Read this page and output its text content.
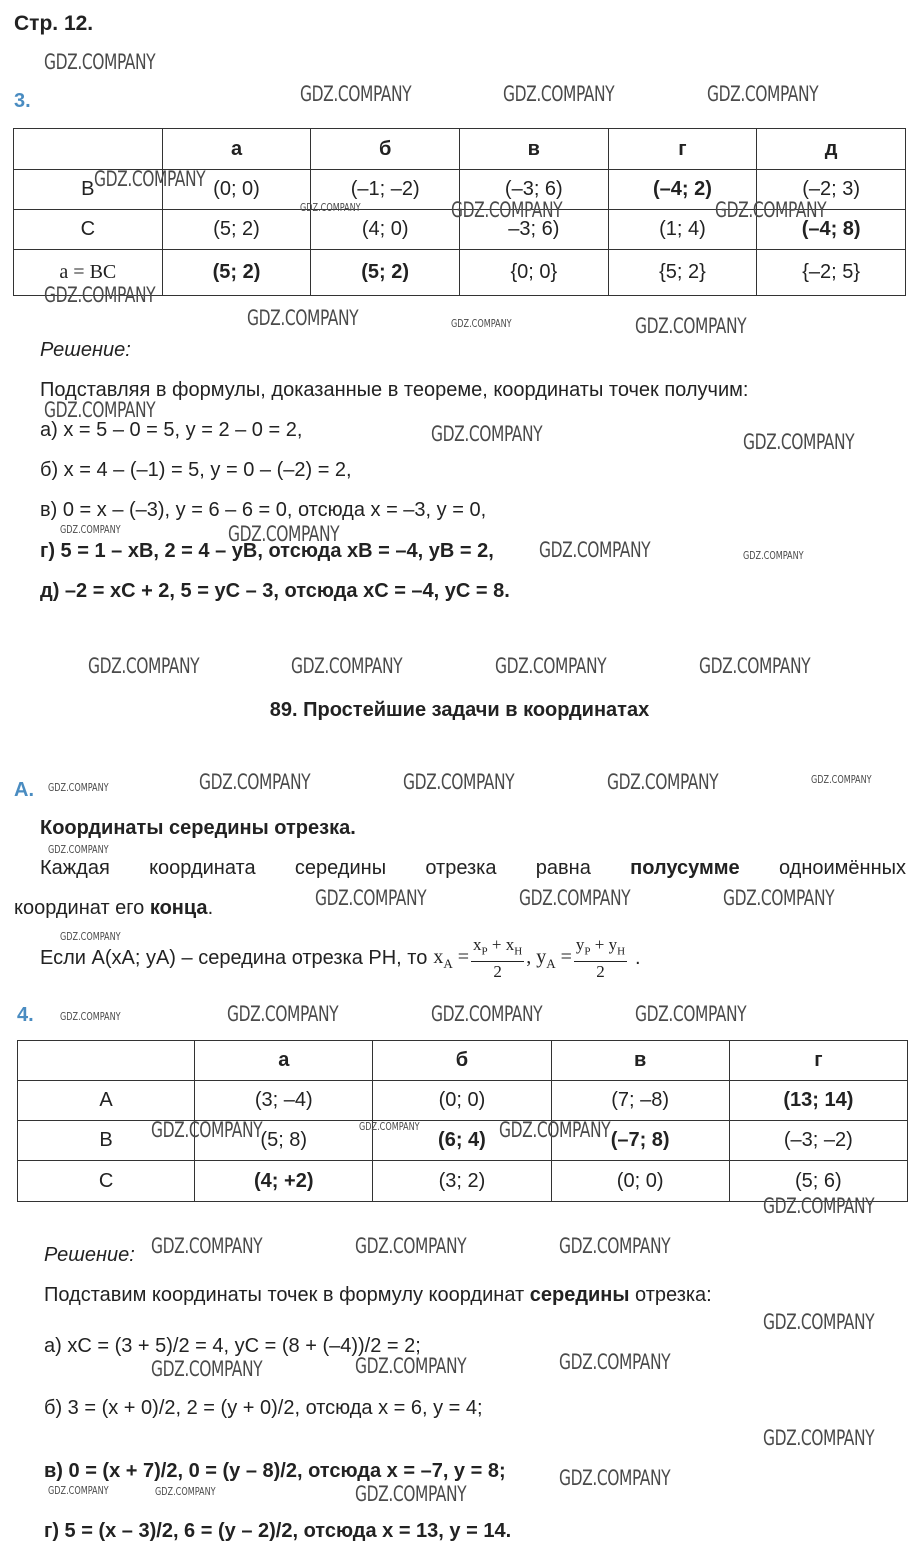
Стр. 12.
3.
	а	б	в	г	д
B	(0; 0)	(–1; –2)	(–3; 6)	(–4; 2)	(–2; 3)
C	(5; 2)	(4; 0)	–3; 6)	(1; 4)	(–4; 8)
a = BC	(5; 2)	(5; 2)	{0; 0}	{5; 2}	{–2; 5}
Решение:
Подставляя в формулы, доказанные в теореме, координаты точек получим:
а) x = 5 – 0 = 5, y = 2 – 0 = 2,
б) x = 4 – (–1) = 5, y = 0 – (–2) = 2,
в) 0 = x – (–3), y = 6 – 6 = 0, отсюда x = –3, y = 0,
г) 5 = 1 – xB, 2 = 4 – yB, отсюда xB = –4, yB = 2,
д) –2 = xC + 2, 5 = yC – 3, отсюда xC = –4, yC = 8.
89. Простейшие задачи в координатах
А.
Координаты середины отрезка.
Каждая координата середины отрезка равна полусумме одноимённых
координат его конца.
Если A(xA; yA) – середина отрезка PH, то $x_A = \frac{x_P + x_H}{2}$ , $y_A = \frac{y_P + y_H}{2}$ .
4.
	а	б	в	г
A	(3; –4)	(0; 0)	(7; –8)	(13; 14)
B	(5; 8)	(6; 4)	(–7; 8)	(–3; –2)
C	(4; +2)	(3; 2)	(0; 0)	(5; 6)
Решение:
Подставим координаты точек в формулу координат середины отрезка:
а) xC = (3 + 5)/2 = 4, yC = (8 + (–4))/2 = 2;
б) 3 = (x + 0)/2, 2 = (y + 0)/2, отсюда x = 6, y = 4;
в) 0 = (x + 7)/2, 0 = (y – 8)/2, отсюда x = –7, y = 8;
г) 5 = (x – 3)/2, 6 = (y – 2)/2, отсюда x = 13, y = 14.
GDZ.COMPANY
GDZ.COMPANY	GDZ.COMPANY	GDZ.COMPANY
GDZ.COMPANY
GDZ.COMPANY	GDZ.COMPANY	GDZ.COMPANY
GDZ.COMPANY
GDZ.COMPANY	GDZ.COMPANY	GDZ.COMPANY
GDZ.COMPANY
GDZ.COMPANY	GDZ.COMPANY
GDZ.COMPANY	GDZ.COMPANY
GDZ.COMPANY	GDZ.COMPANY
GDZ.COMPANY	GDZ.COMPANY	GDZ.COMPANY	GDZ.COMPANY
GDZ.COMPANY	GDZ.COMPANY	GDZ.COMPANY	GDZ.COMPANY	GDZ.COMPANY
GDZ.COMPANY
GDZ.COMPANY	GDZ.COMPANY	GDZ.COMPANY
GDZ.COMPANY
GDZ.COMPANY	GDZ.COMPANY	GDZ.COMPANY	GDZ.COMPANY
GDZ.COMPANY	GDZ.COMPANY	GDZ.COMPANY
GDZ.COMPANY
GDZ.COMPANY	GDZ.COMPANY	GDZ.COMPANY
GDZ.COMPANY
GDZ.COMPANY	GDZ.COMPANY	GDZ.COMPANY
GDZ.COMPANY
GDZ.COMPANY	GDZ.COMPANY	GDZ.COMPANY
GDZ.COMPANY
